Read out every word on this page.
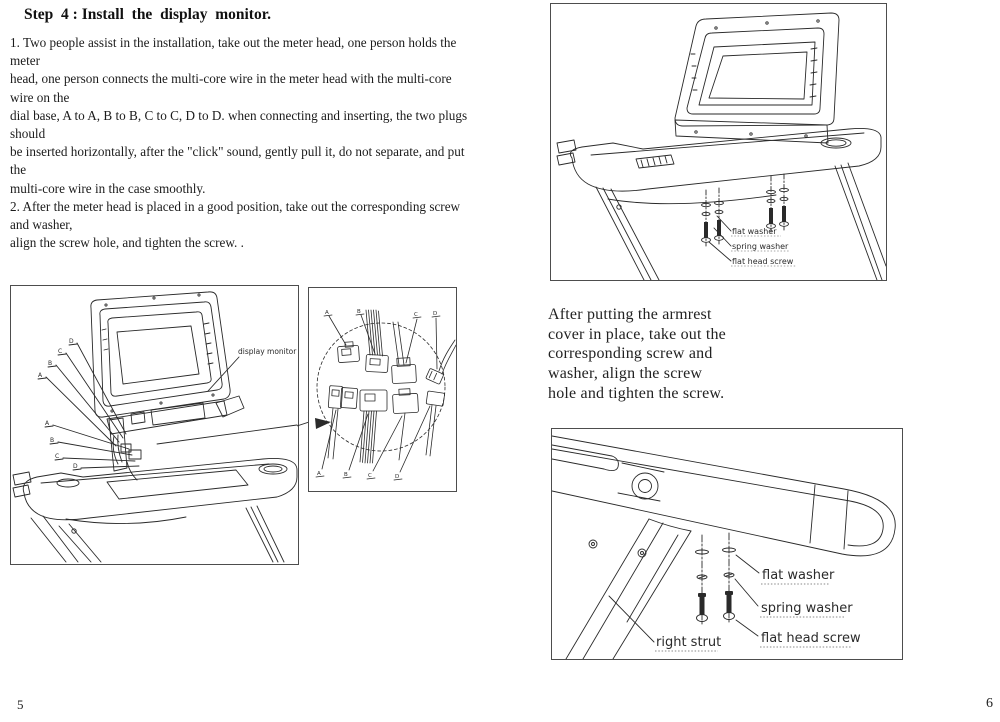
Step  4 : Install  the  display  monitor.
1. Two people assist in the installation, take out the meter head, one person holds the
meter
head, one person connects the multi-core wire in the meter head with the multi-core
wire on the
dial base, A to A, B to B, C to C, D to D. when connecting and inserting, the two plugs
should
be inserted horizontally, after the "click" sound, gently pull it, do not separate, and put
the
multi-core wire in the case smoothly.
2. After the meter head is placed in a good position, take out the corresponding screw
and washer,
align the screw hole, and tighten the screw. .
D
C
B
A
A
B
C
D
display monitor
A	B	C	D
A	B	C	D
5
flat washer
spring washer
flat head screw
After putting the armrest
cover in place, take out the
corresponding screw and
washer, align the screw
hole and tighten the screw.
flat washer
spring washer
flat head screw
right strut
6
